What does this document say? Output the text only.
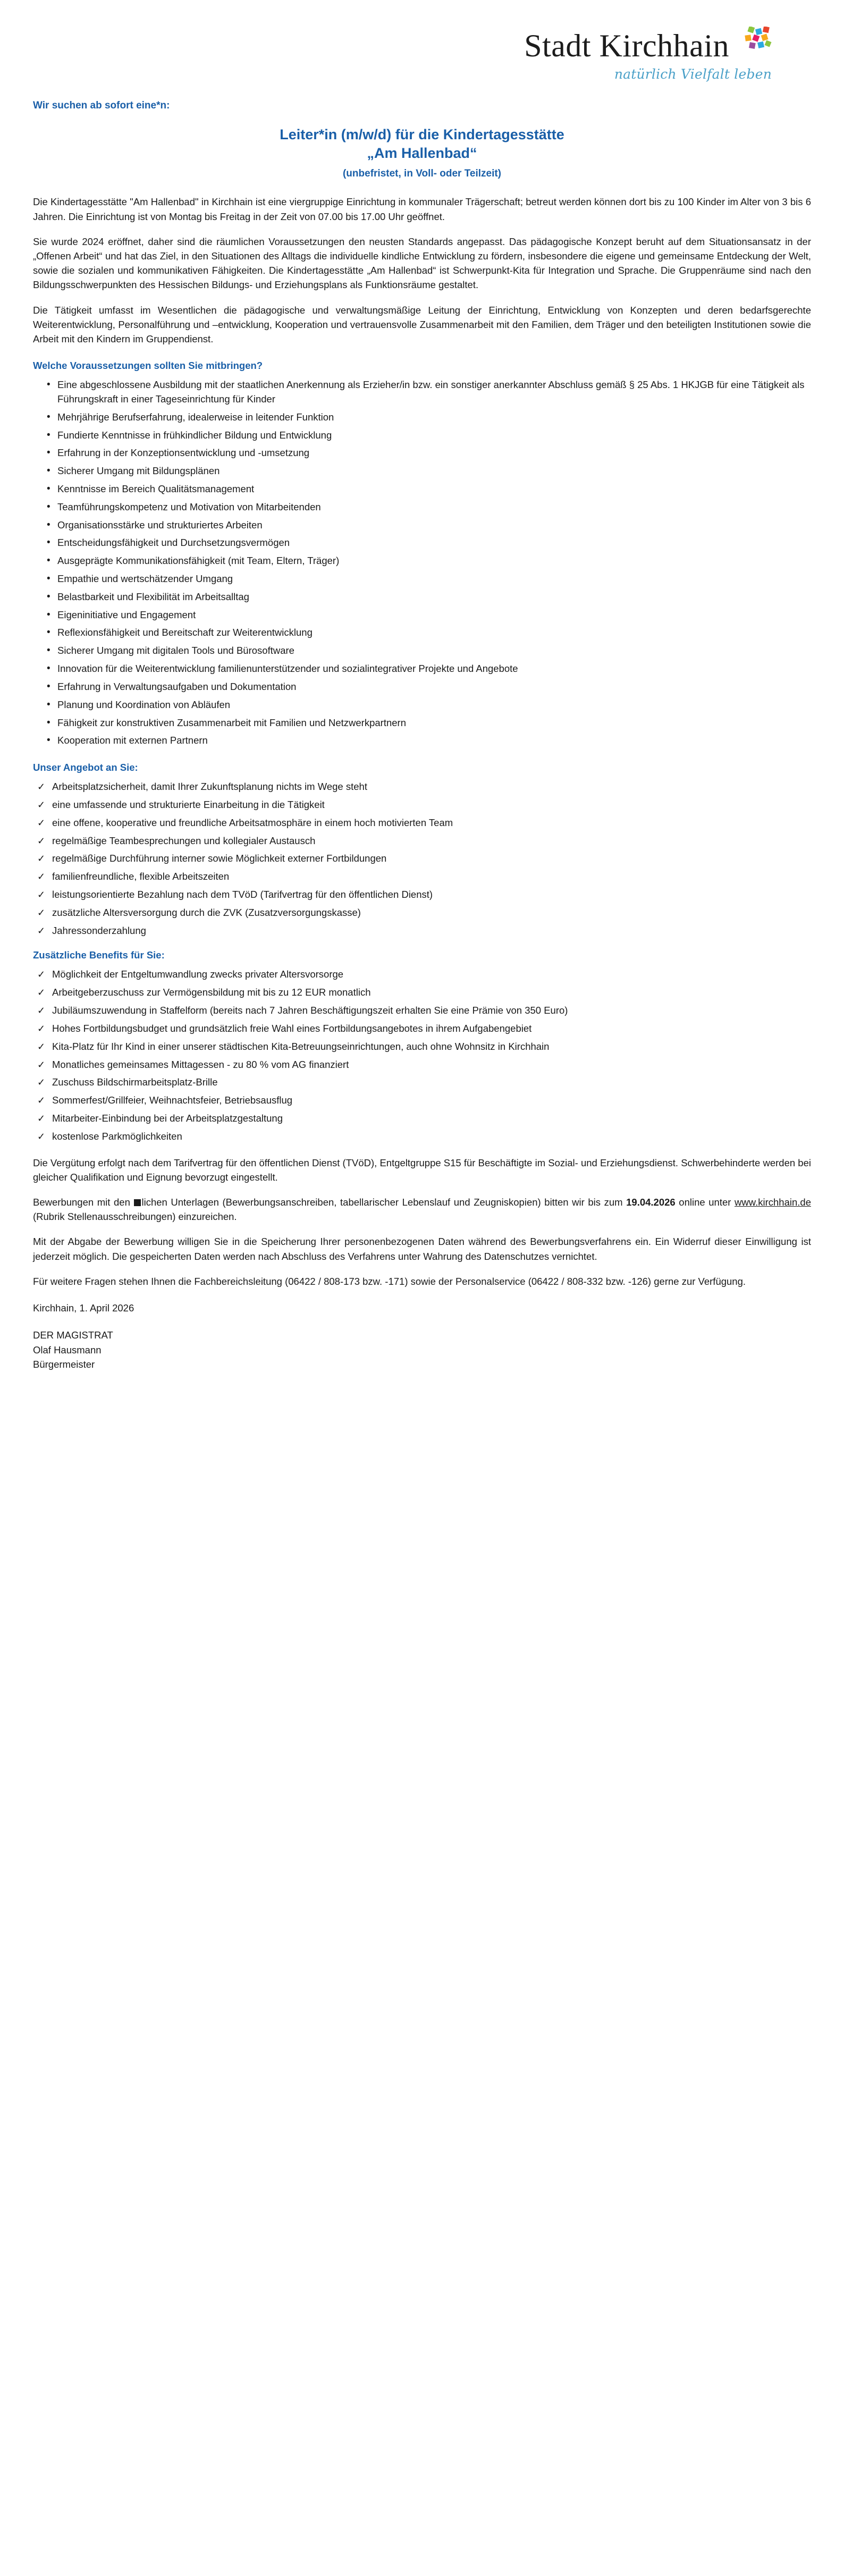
Stadt Kirchhain
natürlich Vielfalt leben
Wir suchen ab sofort eine*n:
Leiter*in (m/w/d) für die Kindertagesstätte
„Am Hallenbad“
(unbefristet, in Voll- oder Teilzeit)

Die Kindertagesstätte "Am Hallenbad" in Kirchhain ist eine viergruppige Einrichtung in kommunaler Trägerschaft; betreut werden können dort bis zu 100 Kinder im Alter von 3 bis 6 Jahren. Die Einrichtung ist von Montag bis Freitag in der Zeit von 07.00 bis 17.00 Uhr geöffnet.

Sie wurde 2024 eröffnet, daher sind die räumlichen Voraussetzungen den neusten Standards angepasst. Das pädagogische Konzept beruht auf dem Situationsansatz in der „Offenen Arbeit“ und hat das Ziel, in den Situationen des Alltags die individuelle kindliche Entwicklung zu fördern, insbesondere die eigene und gemeinsame Entdeckung der Welt, sowie die sozialen und kommunikativen Fähigkeiten. Die Kindertagesstätte „Am Hallenbad“ ist Schwerpunkt-Kita für Integration und Sprache. Die Gruppenräume sind nach den Bildungsschwerpunkten des Hessischen Bildungs- und Erziehungsplans als Funktionsräume gestaltet.

Die Tätigkeit umfasst im Wesentlichen die pädagogische und verwaltungsmäßige Leitung der Einrichtung, Entwicklung von Konzepten und deren bedarfsgerechte Weiterentwicklung, Personalführung und –entwicklung, Kooperation und vertrauensvolle Zusammenarbeit mit den Familien, dem Träger und den beteiligten Institutionen sowie die Arbeit mit den Kindern im Gruppendienst.

Welche Voraussetzungen sollten Sie mitbringen?
• Eine abgeschlossene Ausbildung mit der staatlichen Anerkennung als Erzieher/in bzw. ein sonstiger anerkannter Abschluss gemäß § 25 Abs. 1 HKJGB für eine Tätigkeit als Führungskraft in einer Tageseinrichtung für Kinder
• Mehrjährige Berufserfahrung, idealerweise in leitender Funktion
• Fundierte Kenntnisse in frühkindlicher Bildung und Entwicklung
• Erfahrung in der Konzeptionsentwicklung und -umsetzung
• Sicherer Umgang mit Bildungsplänen
• Kenntnisse im Bereich Qualitätsmanagement
• Teamführungskompetenz und Motivation von Mitarbeitenden
• Organisationsstärke und strukturiertes Arbeiten
• Entscheidungsfähigkeit und Durchsetzungsvermögen
• Ausgeprägte Kommunikationsfähigkeit (mit Team, Eltern, Träger)
• Empathie und wertschätzender Umgang
• Belastbarkeit und Flexibilität im Arbeitsalltag
• Eigeninitiative und Engagement
• Reflexionsfähigkeit und Bereitschaft zur Weiterentwicklung
• Sicherer Umgang mit digitalen Tools und Bürosoftware
• Innovation für die Weiterentwicklung familienunterstützender und sozialintegrativer Projekte und Angebote
• Erfahrung in Verwaltungsaufgaben und Dokumentation
• Planung und Koordination von Abläufen
• Fähigkeit zur konstruktiven Zusammenarbeit mit Familien und Netzwerkpartnern
• Kooperation mit externen Partnern
Unser Angebot an Sie:
✓ Arbeitsplatzsicherheit, damit Ihrer Zukunftsplanung nichts im Wege steht
✓ eine umfassende und strukturierte Einarbeitung in die Tätigkeit
✓ eine offene, kooperative und freundliche Arbeitsatmosphäre in einem hoch motivierten Team
✓ regelmäßige Teambesprechungen und kollegialer Austausch
✓ regelmäßige Durchführung interner sowie Möglichkeit externer Fortbildungen
✓ familienfreundliche, flexible Arbeitszeiten
✓ leistungsorientierte Bezahlung nach dem TVöD (Tarifvertrag für den öffentlichen Dienst)
✓ zusätzliche Altersversorgung durch die ZVK (Zusatzversorgungskasse)
✓ Jahressonderzahlung
Zusätzliche Benefits für Sie:
✓ Möglichkeit der Entgeltumwandlung zwecks privater Altersvorsorge
✓ Arbeitgeberzuschuss zur Vermögensbildung mit bis zu 12 EUR monatlich
✓ Jubiläumszuwendung in Staffelform (bereits nach 7 Jahren Beschäftigungszeit erhalten Sie eine Prämie von 350 Euro)
✓ Hohes Fortbildungsbudget und grundsätzlich freie Wahl eines Fortbildungsangebotes in ihrem Aufgabengebiet
✓ Kita-Platz für Ihr Kind in einer unserer städtischen Kita-Betreuungseinrichtungen, auch ohne Wohnsitz in Kirchhain
✓ Monatliches gemeinsames Mittagessen - zu 80 % vom AG finanziert
✓ Zuschuss Bildschirmarbeitsplatz-Brille
✓ Sommerfest/Grillfeier, Weihnachtsfeier, Betriebsausflug
✓ Mitarbeiter-Einbindung bei der Arbeitsplatzgestaltung
✓ kostenlose Parkmöglichkeiten

Die Vergütung erfolgt nach dem Tarifvertrag für den öffentlichen Dienst (TVöD), Entgeltgruppe S15 für Beschäftigte im Sozial- und Erziehungsdienst. Schwerbehinderte werden bei gleicher Qualifikation und Eignung bevorzugt eingestellt.

Bewerbungen mit den lichen Unterlagen (Bewerbungsanschreiben, tabellarischer Lebenslauf und Zeugniskopien) bitten wir bis zum 19.04.2026 online unter www.kirchhain.de (Rubrik Stellenausschreibungen) einzureichen.

Mit der Abgabe der Bewerbung willigen Sie in die Speicherung Ihrer personenbezogenen Daten während des Bewerbungsverfahrens ein. Ein Widerruf dieser Einwilligung ist jederzeit möglich. Die gespeicherten Daten werden nach Abschluss des Verfahrens unter Wahrung des Datenschutzes vernichtet.

Für weitere Fragen stehen Ihnen die Fachbereichsleitung (06422 / 808-173 bzw. -171) sowie der Personalservice (06422 / 808-332 bzw. -126) gerne zur Verfügung.

Kirchhain, 1. April 2026
DER MAGISTRAT
Olaf Hausmann
Bürgermeister
